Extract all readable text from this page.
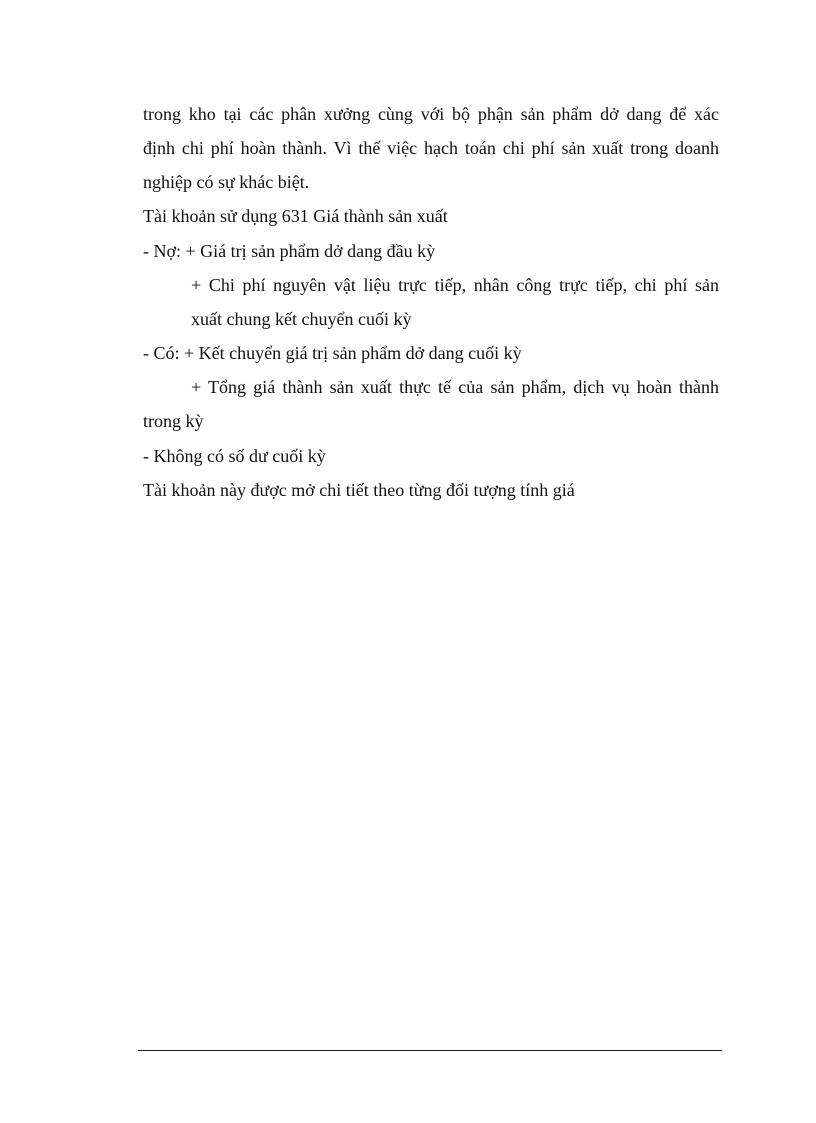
trong kho tại các phân xưởng cùng với bộ phận sản phẩm dở dang để xác
định chi phí hoàn thành. Vì thế việc hạch toán chi phí sản xuất trong doanh
nghiệp có sự khác biệt.
Tài khoản sử dụng 631 Giá thành sản xuất
- Nợ: + Giá trị sản phẩm dở dang đầu kỳ
+ Chi phí nguyên vật liệu trực tiếp, nhân công trực tiếp, chi phí sản
xuất chung kết chuyển cuối kỳ
- Có: + Kết chuyển giá trị sản phẩm dở dang cuối kỳ
+ Tổng giá thành sản xuất thực tế của sản phẩm, dịch vụ hoàn thành
trong kỳ
- Không có số dư cuối kỳ
Tài khoản này được mở chi tiết theo từng đối tượng tính giá
